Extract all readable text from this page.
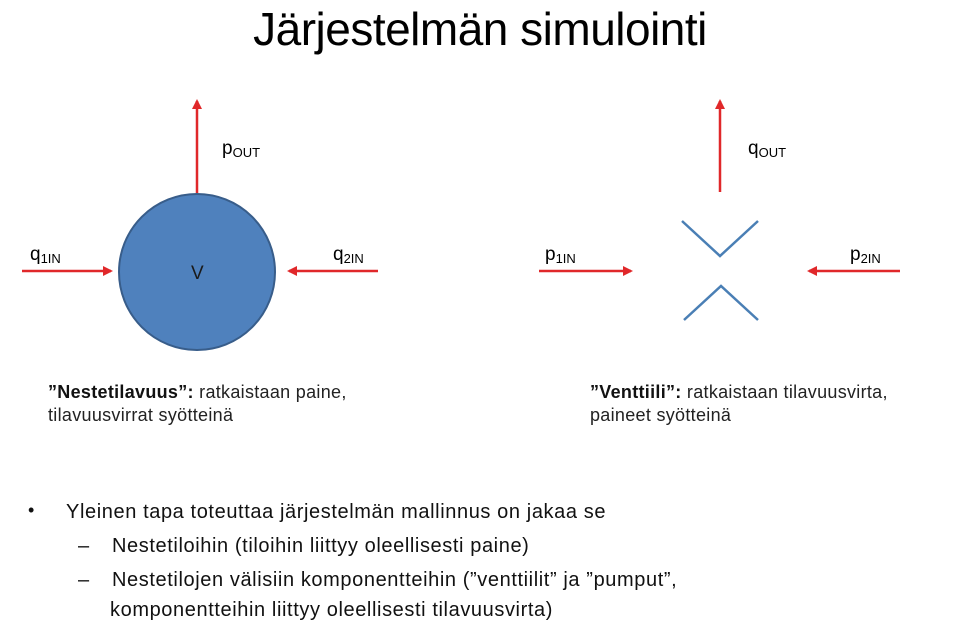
Järjestelmän simulointi
$p_{OUT}$	$q_{OUT}$
$q_{1IN}$
V
$q_{2IN}$	$p_{1IN}$	$p_{2IN}$
”Nestetilavuus”: ratkaistaan paine,
tilavuusvirrat syötteinä
”Venttiili”: ratkaistaan tilavuusvirta,
paineet syötteinä
• Yleinen tapa toteuttaa järjestelmän mallinnus on jakaa se
– Nestetiloihin (tiloihin liittyy oleellisesti paine)
– Nestetilojen välisiin komponentteihin (”venttiilit” ja ”pumput”,
komponentteihin liittyy oleellisesti tilavuusvirta)
